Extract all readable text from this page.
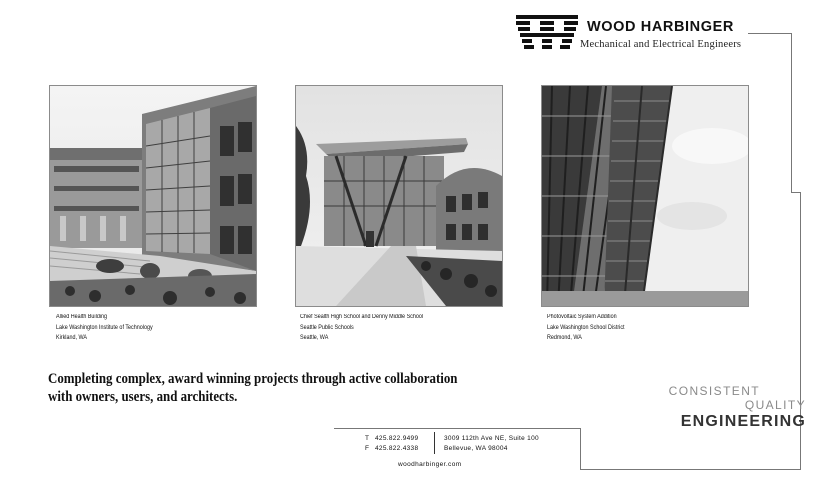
WOOD HARBINGER
Mechanical and Electrical Engineers
Allied Health Building
Lake Washington Institute of Technology
Kirkland, WA
Chief Sealth High School and Denny Middle School
Seattle Public Schools
Seattle, WA
Photovoltaic System Addition
Lake Washington School District
Redmond, WA
Completing complex, award winning projects through active collaboration
with owners, users, and architects.	CONSISTENT
QUALITY
ENGINEERING
T 425.822.9499
F 425.822.4338
3009 112th Ave NE, Suite 100
Bellevue, WA 98004
woodharbinger.com
